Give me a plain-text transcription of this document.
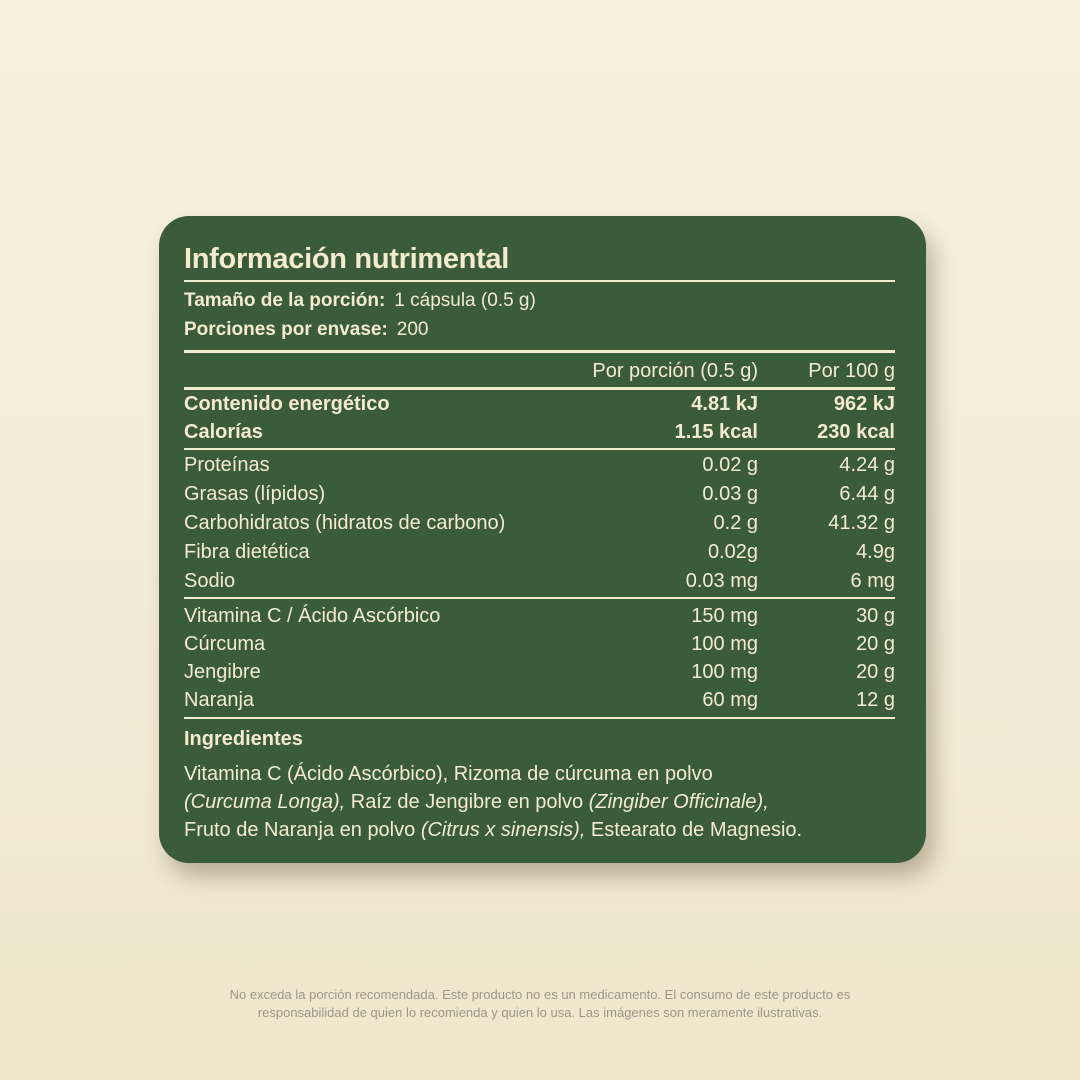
Información nutrimental
Tamaño de la porción: 1 cápsula (0.5 g)
Porciones por envase: 200
Por porción (0.5 g)	Por 100 g
Contenido energético	4.81 kJ	962 kJ
Calorías	1.15 kcal	230 kcal
Proteínas	0.02 g	4.24 g
Grasas (lípidos)	0.03 g	6.44 g
Carbohidratos (hidratos de carbono)	0.2 g	41.32 g
Fibra dietética	0.02g	4.9g
Sodio	0.03 mg	6 mg
Vitamina C / Ácido Ascórbico	150 mg	30 g
Cúrcuma	100 mg	20 g
Jengibre	100 mg	20 g
Naranja	60 mg	12 g
Ingredientes
Vitamina C (Ácido Ascórbico), Rizoma de cúrcuma en polvo
(Curcuma Longa), Raíz de Jengibre en polvo (Zingiber Officinale),
Fruto de Naranja en polvo (Citrus x sinensis), Estearato de Magnesio.
No exceda la porción recomendada. Este producto no es un medicamento. El consumo de este producto es
responsabilidad de quien lo recomienda y quien lo usa. Las imágenes son meramente ilustrativas.
